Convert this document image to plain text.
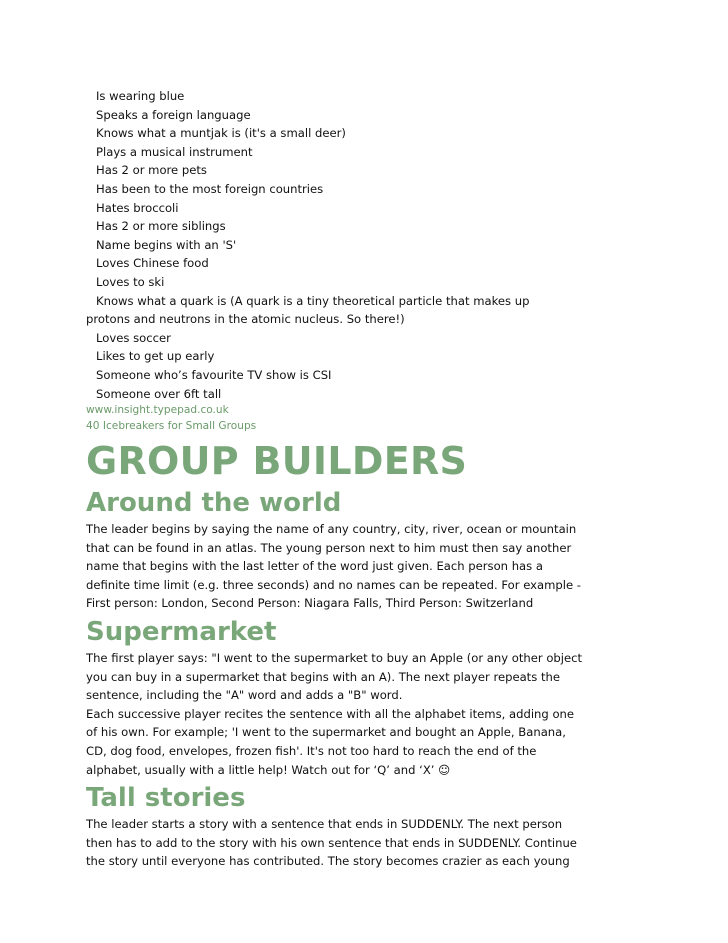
Is wearing blue
Speaks a foreign language
Knows what a muntjak is (it's a small deer)
Plays a musical instrument
Has 2 or more pets
Has been to the most foreign countries
Hates broccoli
Has 2 or more siblings
Name begins with an 'S'
Loves Chinese food
Loves to ski
Knows what a quark is (A quark is a tiny theoretical particle that makes up
protons and neutrons in the atomic nucleus. So there!)
Loves soccer
Likes to get up early
Someone who’s favourite TV show is CSI
Someone over 6ft tall
www.insight.typepad.co.uk
40 Icebreakers for Small Groups
GROUP BUILDERS
Around the world

The leader begins by saying the name of any country, city, river, ocean or mountain that can be found in an atlas. The young person next to him must then say another name that begins with the last letter of the word just given. Each person has a definite time limit (e.g. three seconds) and no names can be repeated. For example - First person: London, Second Person: Niagara Falls, Third Person: Switzerland

Supermarket

The first player says: "I went to the supermarket to buy an Apple (or any other object you can buy in a supermarket that begins with an A). The next player repeats the sentence, including the "A" word and adds a "B" word.

Each successive player recites the sentence with all the alphabet items, adding one of his own. For example; 'I went to the supermarket and bought an Apple, Banana, CD, dog food, envelopes, frozen fish'. It's not too hard to reach the end of the alphabet, usually with a little help! Watch out for ‘Q’ and ‘X’ ☺

Tall stories

The leader starts a story with a sentence that ends in SUDDENLY. The next person then has to add to the story with his own sentence that ends in SUDDENLY. Continue the story until everyone has contributed. The story becomes crazier as each young
